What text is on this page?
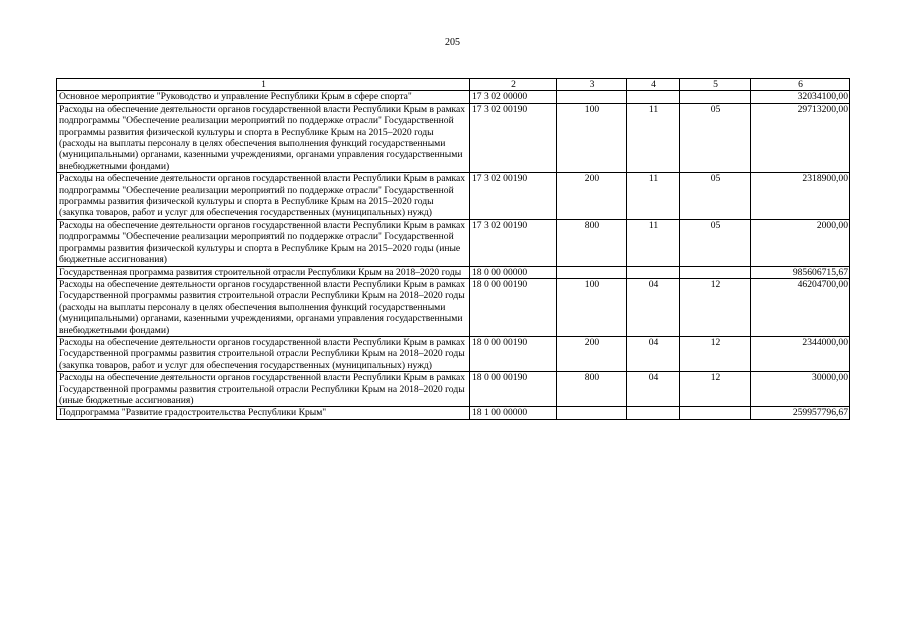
205
1	2	3	4	5	6
Основное мероприятие "Руководство и управление Республики Крым в сфере спорта"	17 3 02 00000				32034100,00
Расходы на обеспечение деятельности органов государственной власти Республики Крым в рамках подпрограммы "Обеспечение реализации мероприятий по поддержке отрасли" Государственной программы развития физической культуры и спорта в Республике Крым на 2015–2020 годы (расходы на выплаты персоналу в целях обеспечения выполнения функций государственными (муниципальными) органами, казенными учреждениями, органами управления государственными внебюджетными фондами)	17 3 02 00190	100	11	05	29713200,00
Расходы на обеспечение деятельности органов государственной власти Республики Крым в рамках подпрограммы "Обеспечение реализации мероприятий по поддержке отрасли" Государственной программы развития физической культуры и спорта в Республике Крым на 2015–2020 годы (закупка товаров, работ и услуг для обеспечения государственных (муниципальных) нужд)	17 3 02 00190	200	11	05	2318900,00
Расходы на обеспечение деятельности органов государственной власти Республики Крым в рамках подпрограммы "Обеспечение реализации мероприятий по поддержке отрасли" Государственной программы развития физической культуры и спорта в Республике Крым на 2015–2020 годы (иные бюджетные ассигнования)	17 3 02 00190	800	11	05	2000,00
Государственная программа развития строительной отрасли Республики Крым на 2018–2020 годы	18 0 00 00000				985606715,67
Расходы на обеспечение деятельности органов государственной власти Республики Крым в рамках Государственной программы развития строительной отрасли Республики Крым на 2018–2020 годы (расходы на выплаты персоналу в целях обеспечения выполнения функций государственными (муниципальными) органами, казенными учреждениями, органами управления государственными внебюджетными фондами)	18 0 00 00190	100	04	12	46204700,00
Расходы на обеспечение деятельности органов государственной власти Республики Крым в рамках Государственной программы развития строительной отрасли Республики Крым на 2018–2020 годы (закупка товаров, работ и услуг для обеспечения государственных (муниципальных) нужд)	18 0 00 00190	200	04	12	2344000,00
Расходы на обеспечение деятельности органов государственной власти Республики Крым в рамках Государственной программы развития строительной отрасли Республики Крым на 2018–2020 годы (иные бюджетные ассигнования)	18 0 00 00190	800	04	12	30000,00
Подпрограмма "Развитие градостроительства Республики Крым"	18 1 00 00000				259957796,67
